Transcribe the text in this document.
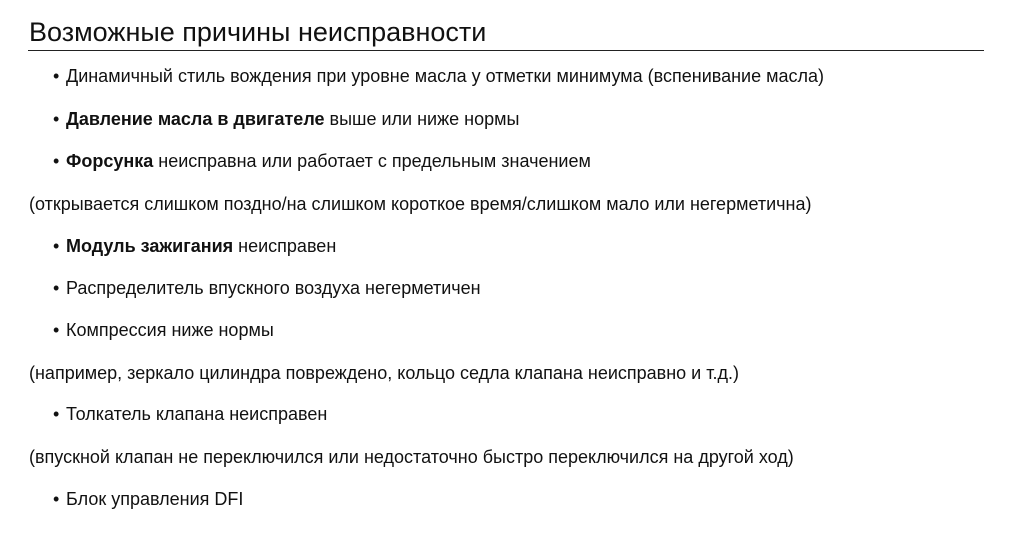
Возможные причины неисправности
• Динамичный стиль вождения при уровне масла у отметки минимума (вспенивание масла)
• Давление масла в двигателе выше или ниже нормы
• Форсунка неисправна или работает с предельным значением
(открывается слишком поздно/на слишком короткое время/слишком мало или негерметична)
• Модуль зажигания неисправен
• Распределитель впускного воздуха негерметичен
• Компрессия ниже нормы
(например, зеркало цилиндра повреждено, кольцо седла клапана неисправно и т.д.)
• Толкатель клапана неисправен
(впускной клапан не переключился или недостаточно быстро переключился на другой ход)
• Блок управления DFI
